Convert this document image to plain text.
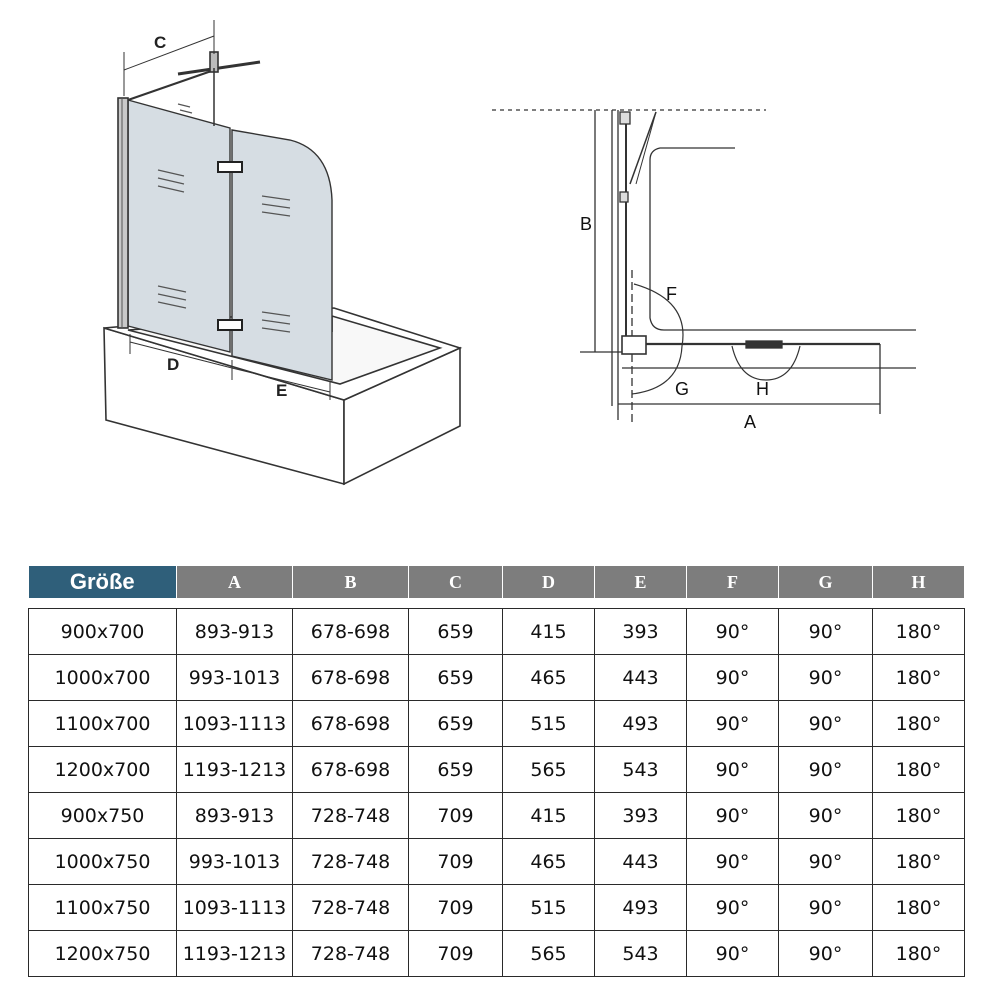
C
D
E
B
F
G	H
A
Größe	A	B	C	D	E	F	G	H

900x700	893-913	678-698	659	415	393	90°	90°	180°
1000x700	993-1013	678-698	659	465	443	90°	90°	180°
1100x700	1093-1113	678-698	659	515	493	90°	90°	180°
1200x700	1193-1213	678-698	659	565	543	90°	90°	180°
900x750	893-913	728-748	709	415	393	90°	90°	180°
1000x750	993-1013	728-748	709	465	443	90°	90°	180°
1100x750	1093-1113	728-748	709	515	493	90°	90°	180°
1200x750	1193-1213	728-748	709	565	543	90°	90°	180°
